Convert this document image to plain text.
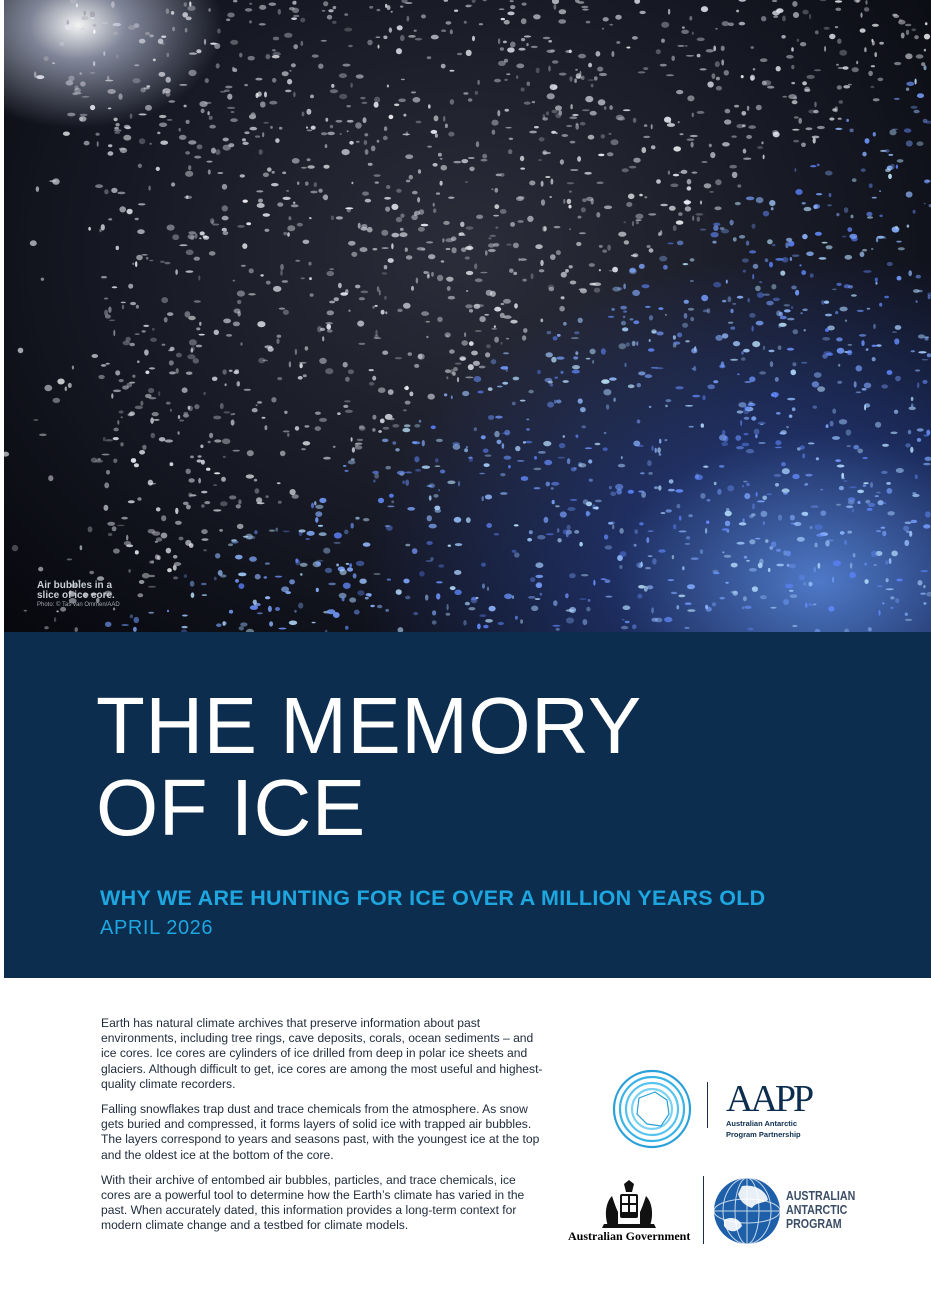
Air bubbles in a slice of ice core.
Photo: © Tas van Ommen/AAD
THE MEMORY
OF ICE
WHY WE ARE HUNTING FOR ICE OVER A MILLION YEARS OLD
APRIL 2026

Earth has natural climate archives that preserve information about past environments, including tree rings, cave deposits, corals, ocean sediments – and ice cores. Ice cores are cylinders of ice drilled from deep in polar ice sheets and glaciers. Although difficult to get, ice cores are among the most useful and highest-quality climate recorders.

Falling snowflakes trap dust and trace chemicals from the atmosphere. As snow gets buried and compressed, it forms layers of solid ice with trapped air bubbles. The layers correspond to years and seasons past, with the youngest ice at the top and the oldest ice at the bottom of the core.

With their archive of entombed air bubbles, particles, and trace chemicals, ice cores are a powerful tool to determine how the Earth’s climate has varied in the past. When accurately dated, this information provides a long-term context for modern climate change and a testbed for climate models.

AAPP
Australian Antarctic
Program Partnership
Australian Government
AUSTRALIAN
ANTARCTIC
PROGRAM
